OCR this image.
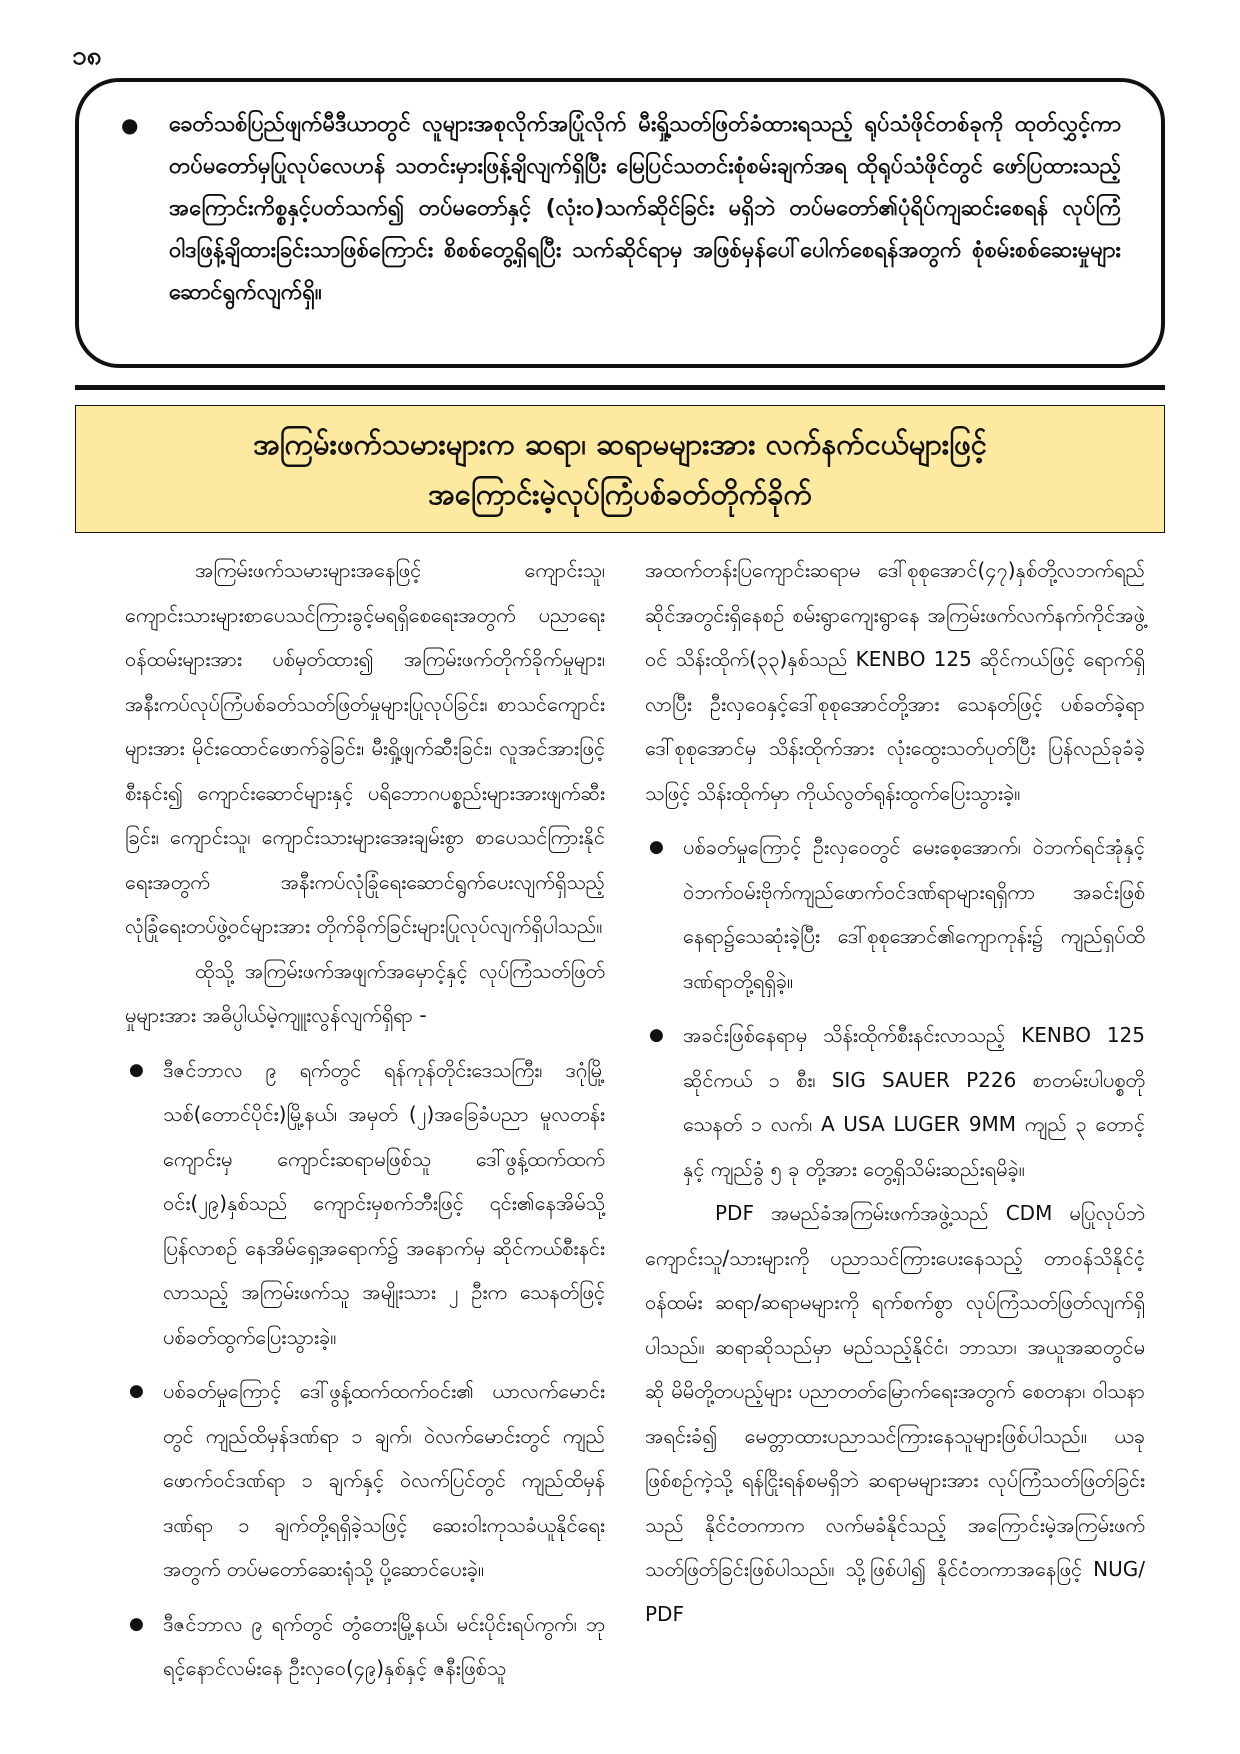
၁၈
● ခေတ်သစ်ပြည်ဖျက်မီဒီယာတွင် လူများအစုလိုက်အပြုံလိုက် မီးရှို့သတ်ဖြတ်ခံထားရသည့် ရုပ်သံဖိုင်တစ်ခုကို ထုတ်လွှင့်ကာ တပ်မတော်မှပြုလုပ်လေဟန် သတင်းမှားဖြန့်ချိလျက်ရှိပြီး မြေပြင်သတင်းစုံစမ်းချက်အရ ထိုရုပ်သံဖိုင်တွင် ဖော်ပြထားသည့် အကြောင်းကိစ္စနှင့်ပတ်သက်၍ တပ်မတော်နှင့် (လုံး၀)သက်ဆိုင်ခြင်း မရှိဘဲ တပ်မတော်၏ပုံရိပ်ကျဆင်းစေရန် လုပ်ကြံဝါဒဖြန့်ချိထားခြင်းသာဖြစ်ကြောင်း စိစစ်တွေ့ရှိရပြီး သက်ဆိုင်ရာမှ အဖြစ်မှန်ပေါ်ပေါက်စေရန်အတွက် စုံစမ်းစစ်ဆေးမှုများ ဆောင်ရွက်လျက်ရှိ။
အကြမ်းဖက်သမားများက ဆရာ၊ ဆရာမများအား လက်နက်ငယ်များဖြင့်
အကြောင်းမဲ့လုပ်ကြံပစ်ခတ်တိုက်ခိုက်

အကြမ်းဖက်သမားများအနေဖြင့် ကျောင်းသူ၊ ကျောင်းသားများစာပေသင်ကြားခွင့်မရရှိစေရေးအတွက် ပညာရေးဝန်ထမ်းများအား ပစ်မှတ်ထား၍ အကြမ်းဖက်တိုက်ခိုက်မှုများ၊ အနီးကပ်လုပ်ကြံပစ်ခတ်သတ်ဖြတ်မှုများပြုလုပ်ခြင်း၊ စာသင်ကျောင်းများအား မိုင်းထောင်ဖောက်ခွဲခြင်း၊ မီးရှို့ဖျက်ဆီးခြင်း၊ လူအင်အားဖြင့်စီးနင်း၍ ကျောင်းဆောင်များနှင့် ပရိဘောဂပစ္စည်းများအားဖျက်ဆီးခြင်း၊ ကျောင်းသူ၊ ကျောင်းသားများအေးချမ်းစွာ စာပေသင်ကြားနိုင်ရေးအတွက် အနီးကပ်လုံခြုံရေးဆောင်ရွက်ပေးလျက်ရှိသည့် လုံခြုံရေးတပ်ဖွဲ့ဝင်များအား တိုက်ခိုက်ခြင်းများပြုလုပ်လျက်ရှိပါသည်။

ထိုသို့ အကြမ်းဖက်အဖျက်အမှောင့်နှင့် လုပ်ကြံသတ်ဖြတ်မှုများအား အဓိပ္ပါယ်မဲ့ကျူးလွန်လျက်ရှိရာ -

● ဒီဇင်ဘာလ ၉ ရက်တွင် ရန်ကုန်တိုင်းဒေသကြီး၊ ဒဂုံမြို့သစ်(တောင်ပိုင်း)မြို့နယ်၊ အမှတ် (၂)အခြေခံပညာ မူလတန်းကျောင်းမှ ကျောင်းဆရာမဖြစ်သူ ဒေါ်ဖွန့်ထက်ထက်ဝင်း(၂၉)နှစ်သည် ကျောင်းမှစက်ဘီးဖြင့် ၎င်း၏နေအိမ်သို့ပြန်လာစဉ် နေအိမ်ရှေ့အရောက်၌ အနောက်မှ ဆိုင်ကယ်စီးနင်းလာသည့် အကြမ်းဖက်သူ အမျိုးသား ၂ ဦးက သေနတ်ဖြင့် ပစ်ခတ်ထွက်ပြေးသွားခဲ့။
● ပစ်ခတ်မှုကြောင့် ဒေါ်ဖွန့်ထက်ထက်ဝင်း၏ ယာလက်မောင်းတွင် ကျည်ထိမှန်ဒဏ်ရာ ၁ ချက်၊ ဝဲလက်မောင်းတွင် ကျည်ဖောက်ဝင်ဒဏ်ရာ ၁ ချက်နှင့် ဝဲလက်ပြင်တွင် ကျည်ထိမှန်ဒဏ်ရာ ၁ ချက်တို့ရရှိခဲ့သဖြင့် ဆေးဝါးကုသခံယူနိုင်ရေးအတွက် တပ်မတော်ဆေးရုံသို့ ပို့ဆောင်ပေးခဲ့။
● ဒီဇင်ဘာလ ၉ ရက်တွင် တွံတေးမြို့နယ်၊ မင်းပိုင်းရပ်ကွက်၊ ဘုရင့်နောင်လမ်းနေ ဦးလှဝေ(၄၉)နှစ်နှင့် ဇနီးဖြစ်သူ

အထက်တန်းပြကျောင်းဆရာမ ဒေါ်စုစုအောင်(၄၇)နှစ်တို့လဘက်ရည်ဆိုင်အတွင်းရှိနေစဉ် စမ်းရွာကျေးရွာနေ အကြမ်းဖက်လက်နက်ကိုင်အဖွဲ့ဝင် သိန်းထိုက်(၃၃)နှစ်သည် KENBO 125 ဆိုင်ကယ်ဖြင့် ရောက်ရှိလာပြီး ဦးလှဝေနှင့်ဒေါ်စုစုအောင်တို့အား သေနတ်ဖြင့် ပစ်ခတ်ခဲ့ရာ ဒေါ်စုစုအောင်မှ သိန်းထိုက်အား လုံးထွေးသတ်ပုတ်ပြီး ပြန်လည်ခုခံခဲ့သဖြင့် သိန်းထိုက်မှာ ကိုယ်လွတ်ရုန်းထွက်ပြေးသွားခဲ့။

● ပစ်ခတ်မှုကြောင့် ဦးလှဝေတွင် မေးစေ့အောက်၊ ဝဲဘက်ရင်အုံနှင့် ဝဲဘက်ဝမ်းဗိုက်ကျည်ဖောက်ဝင်ဒဏ်ရာများရရှိကာ အခင်းဖြစ်နေရာ၌သေဆုံးခဲ့ပြီး ဒေါ်စုစုအောင်၏ကျောကုန်း၌ ကျည်ရှပ်ထိဒဏ်ရာတို့ရရှိခဲ့။
● အခင်းဖြစ်နေရာမှ သိန်းထိုက်စီးနင်းလာသည့် KENBO 125 ဆိုင်ကယ် ၁ စီး၊ SIG SAUER P226 စာတမ်းပါပစ္စတိုသေနတ် ၁ လက်၊ A USA LUGER 9MM ကျည် ၃ တောင့်နှင့် ကျည်ခွံ ၅ ခု တို့အား တွေ့ရှိသိမ်းဆည်းရမိခဲ့။

PDF အမည်ခံအကြမ်းဖက်အဖွဲ့သည် CDM မပြုလုပ်ဘဲ ကျောင်းသူ/သားများကို ပညာသင်ကြားပေးနေသည့် တာဝန်သိနိုင်ငံ့ဝန်ထမ်း ဆရာ/ဆရာမများကို ရက်စက်စွာ လုပ်ကြံသတ်ဖြတ်လျက်ရှိပါသည်။ ဆရာဆိုသည်မှာ မည်သည့်နိုင်ငံ၊ ဘာသာ၊ အယူအဆတွင်မဆို မိမိတို့တပည့်များ ပညာတတ်မြောက်ရေးအတွက် စေတနာ၊ ဝါသနာအရင်းခံ၍ မေတ္တာထားပညာသင်ကြားနေသူများဖြစ်ပါသည်။ ယခုဖြစ်စဉ်ကဲ့သို့ ရန်ငြိုးရန်စမရှိဘဲ ဆရာမများအား လုပ်ကြံသတ်ဖြတ်ခြင်းသည် နိုင်ငံတကာက လက်မခံနိုင်သည့် အကြောင်းမဲ့အကြမ်းဖက်သတ်ဖြတ်ခြင်းဖြစ်ပါသည်။ သို့ဖြစ်ပါ၍ နိုင်ငံတကာအနေဖြင့် NUG/ PDF
